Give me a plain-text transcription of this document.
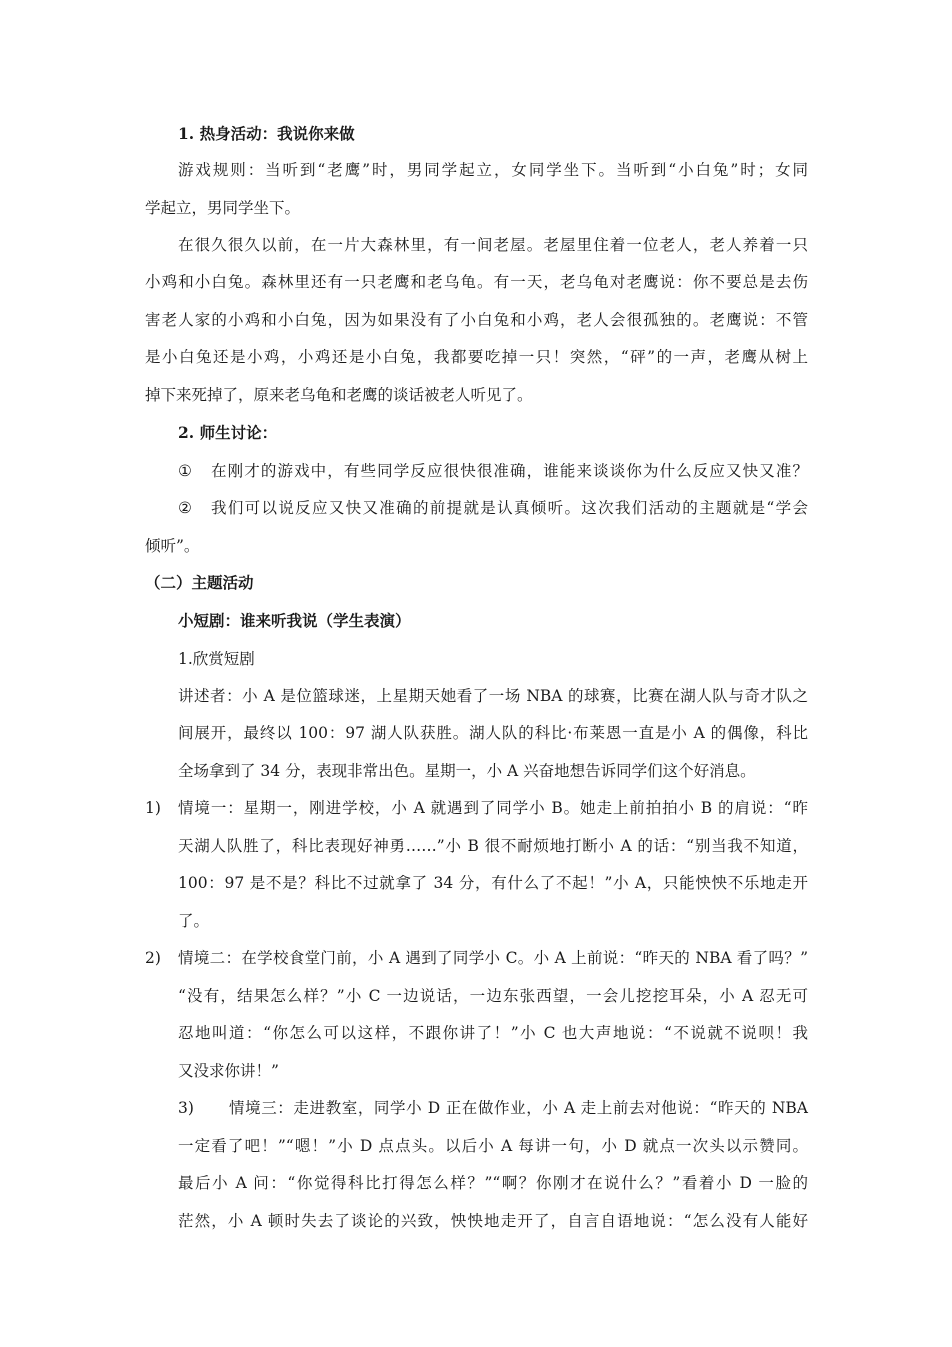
1. 热身活动：我说你来做
游戏规则：当听到“老鹰”时，男同学起立，女同学坐下。当听到“小白兔”时；女同
学起立，男同学坐下。
在很久很久以前，在一片大森林里，有一间老屋。老屋里住着一位老人，老人养着一只
小鸡和小白兔。森林里还有一只老鹰和老乌龟。有一天，老乌龟对老鹰说：你不要总是去伤
害老人家的小鸡和小白兔，因为如果没有了小白兔和小鸡，老人会很孤独的。老鹰说：不管
是小白兔还是小鸡，小鸡还是小白兔，我都要吃掉一只！突然，“砰”的一声，老鹰从树上
掉下来死掉了，原来老乌龟和老鹰的谈话被老人听见了。
2. 师生讨论：
① 在刚才的游戏中，有些同学反应很快很准确，谁能来谈谈你为什么反应又快又准？
② 我们可以说反应又快又准确的前提就是认真倾听。这次我们活动的主题就是“学会
倾听”。
（二）主题活动
小短剧：谁来听我说（学生表演）
1.欣赏短剧
讲述者：小 A 是位篮球迷，上星期天她看了一场 NBA 的球赛，比赛在湖人队与奇才队之
间展开，最终以 100：97 湖人队获胜。湖人队的科比·布莱恩一直是小 A 的偶像，科比
全场拿到了 34 分，表现非常出色。星期一，小 A 兴奋地想告诉同学们这个好消息。
1) 情境一：星期一，刚进学校，小 A 就遇到了同学小 B。她走上前拍拍小 B 的肩说：“昨
天湖人队胜了，科比表现好神勇……”小 B 很不耐烦地打断小 A 的话：“别当我不知道，
100：97 是不是？科比不过就拿了 34 分，有什么了不起！”小 A，只能怏怏不乐地走开
了。
2) 情境二：在学校食堂门前，小 A 遇到了同学小 C。小 A 上前说：“昨天的 NBA 看了吗？”
“没有，结果怎么样？”小 C 一边说话，一边东张西望，一会儿挖挖耳朵，小 A 忍无可
忍地叫道：“你怎么可以这样，不跟你讲了！”小 C 也大声地说：“不说就不说呗！我
又没求你讲！”
3) 情境三：走进教室，同学小 D 正在做作业，小 A 走上前去对他说：“昨天的 NBA
一定看了吧！”“嗯！”小 D 点点头。以后小 A 每讲一句，小 D 就点一次头以示赞同。
最后小 A 问：“你觉得科比打得怎么样？”“啊？你刚才在说什么？”看着小 D 一脸的
茫然，小 A 顿时失去了谈论的兴致，怏怏地走开了，自言自语地说：“怎么没有人能好
